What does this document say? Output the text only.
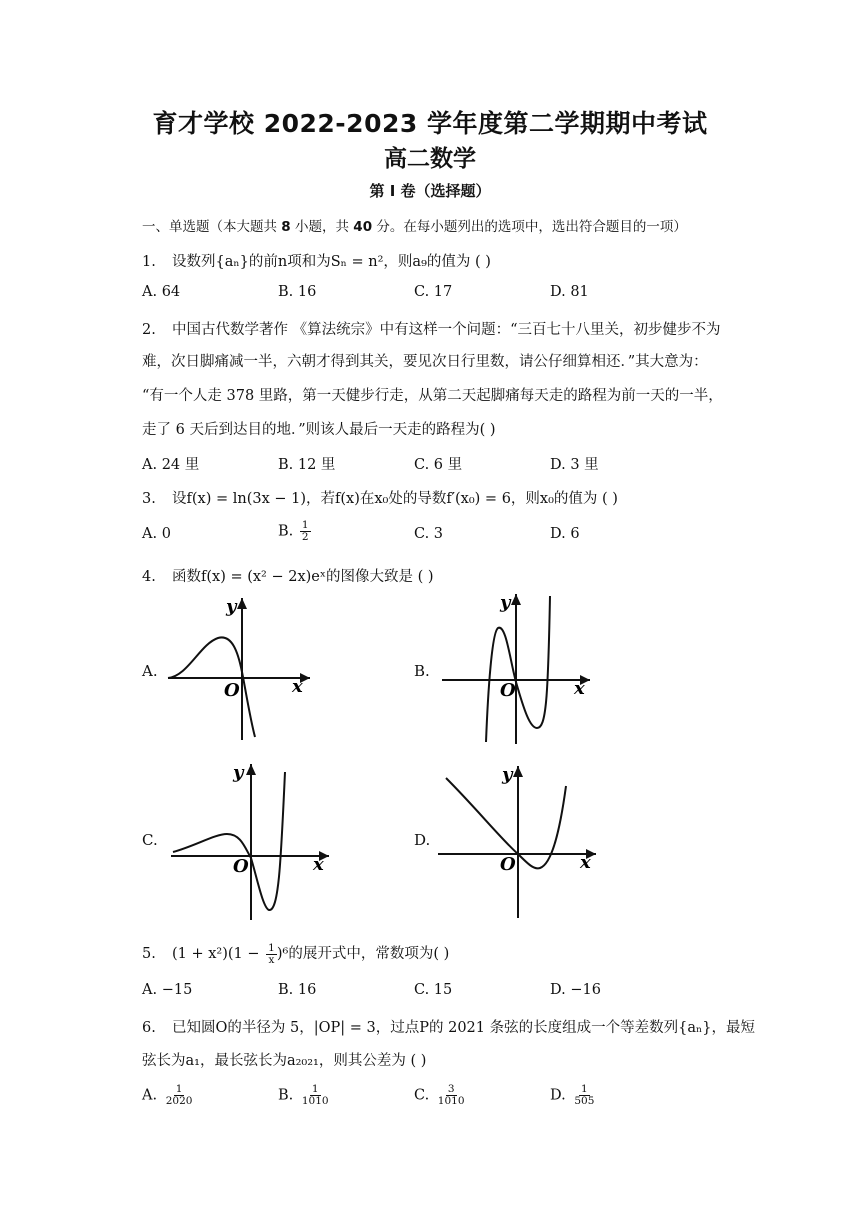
育才学校 2022-2023 学年度第二学期期中考试
高二数学
第 I 卷（选择题）
一、单选题（本大题共 8 小题，共 40 分。在每小题列出的选项中，选出符合题目的一项）
1. 设数列{aₙ}的前n项和为Sₙ = n²，则a₉的值为 ( )
A. 64	B. 16	C. 17	D. 81
2. 中国古代数学著作 《算法统宗》中有这样一个问题：“三百七十八里关，初步健步不为
难，次日脚痛减一半，六朝才得到其关，要见次日行里数，请公仔细算相还．”其大意为：
“有一个人走 378 里路，第一天健步行走，从第二天起脚痛每天走的路程为前一天的一半，
走了 6 天后到达目的地．”则该人最后一天走的路程为( )
A. 24 里	B. 12 里	C. 6 里	D. 3 里
3. 设f(x) = ln(3x − 1)，若f(x)在x₀处的导数f′(x₀) = 6，则x₀的值为 ( )
A. 0	B. $\frac{1}{2}$	C. 3	D. 6
4. 函数f(x) = (x² − 2x)eˣ的图像大致是 ( )
A.
x
y
O
B.
x
y
O
C.
x
y
O
D.
x
y
O
5. $(1 + x^2)(1 - \frac{1}{x} )^6$的展开式中，常数项为( )
A. −15	B. 16	C. 15	D. −16
6. 已知圆O的半径为 5，|OP| = 3，过点P的 2021 条弦的长度组成一个等差数列{aₙ}，最短
弦长为a₁，最长弦长为a₂₀₂₁，则其公差为 ( )
A. $\frac{1}{2020}$	B. $\frac{1}{1010}$	C. $\frac{3}{1010}$	D. $\frac{1}{505}$
